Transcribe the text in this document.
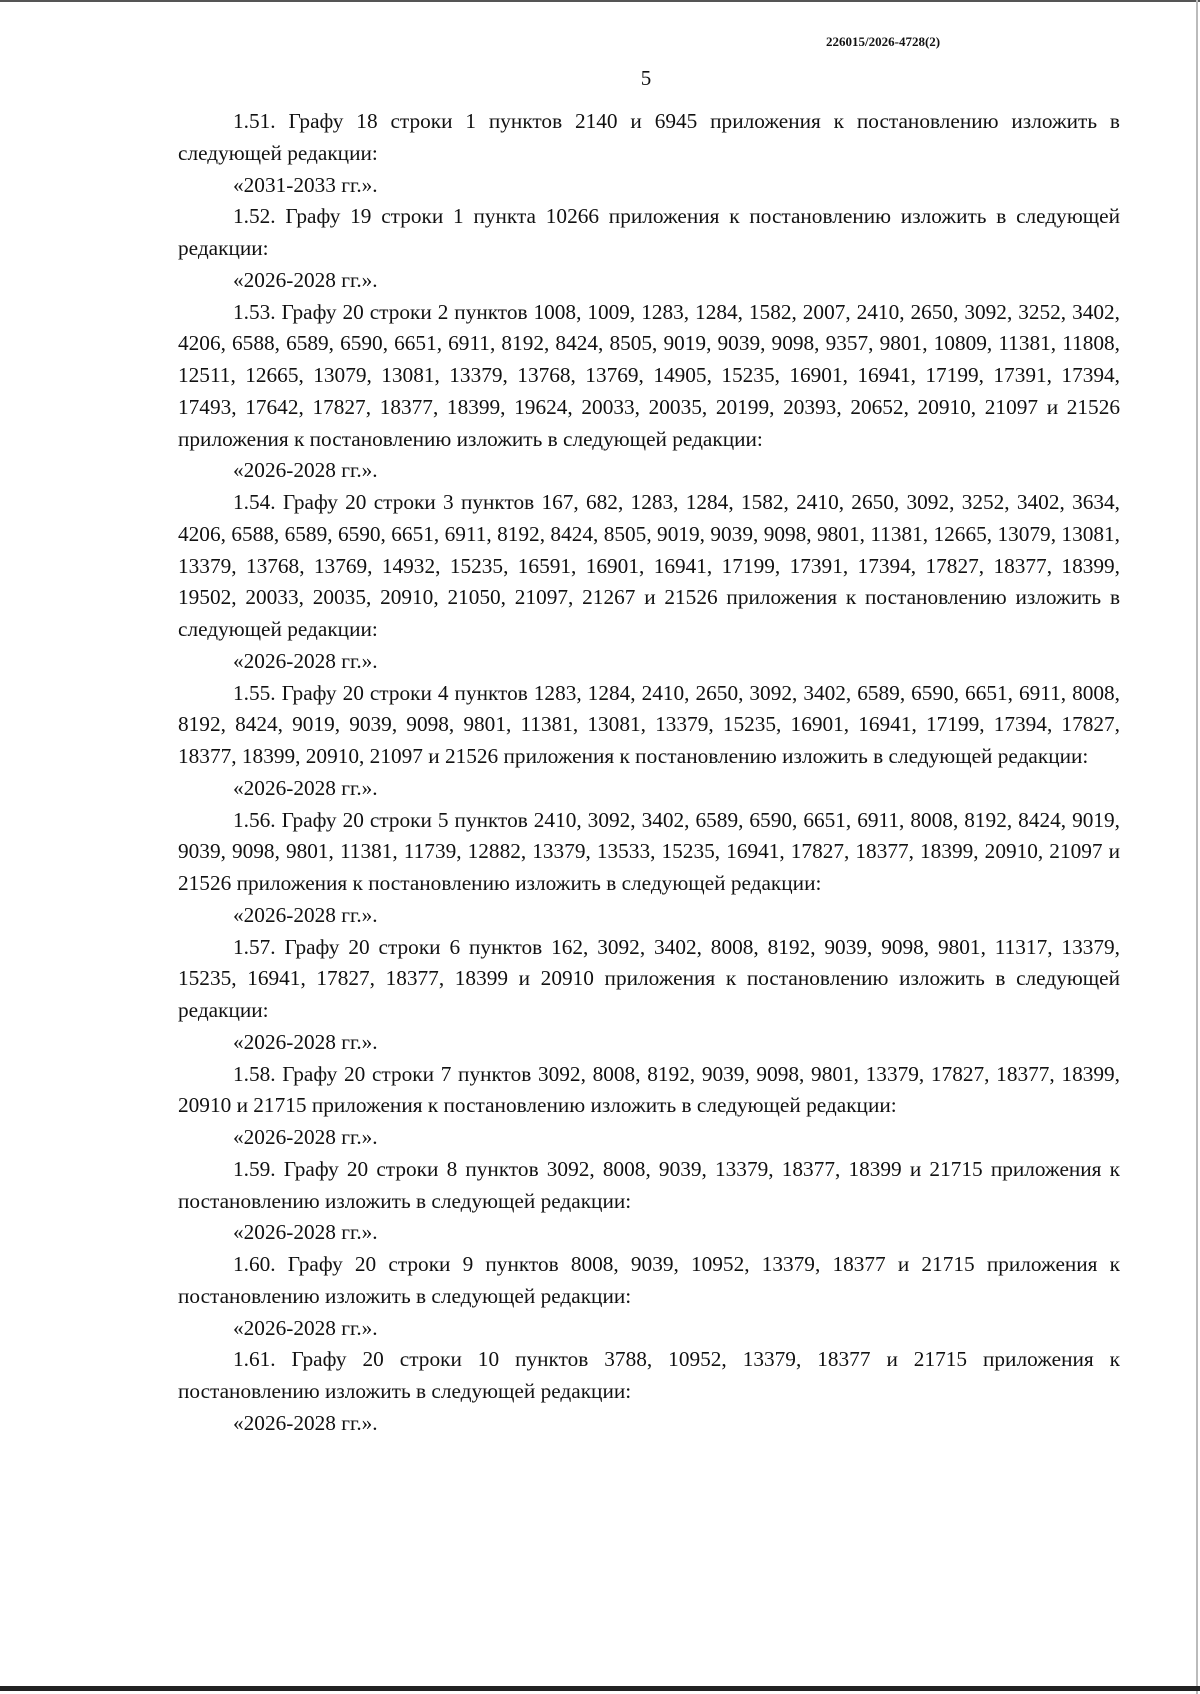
226015/2026-4728(2)
5

1.51. Графу 18 строки 1 пунктов 2140 и 6945 приложения к постановлению изложить в следующей редакции:

«2031-2033 гг.».

1.52. Графу 19 строки 1 пункта 10266 приложения к постановлению изложить в следующей редакции:

«2026-2028 гг.».

1.53. Графу 20 строки 2 пунктов 1008, 1009, 1283, 1284, 1582, 2007, 2410, 2650, 3092, 3252, 3402, 4206, 6588, 6589, 6590, 6651, 6911, 8192, 8424, 8505, 9019, 9039, 9098, 9357, 9801, 10809, 11381, 11808, 12511, 12665, 13079, 13081, 13379, 13768, 13769, 14905, 15235, 16901, 16941, 17199, 17391, 17394, 17493, 17642, 17827, 18377, 18399, 19624, 20033, 20035, 20199, 20393, 20652, 20910, 21097 и 21526 приложения к постановлению изложить в следующей редакции:

«2026-2028 гг.».

1.54. Графу 20 строки 3 пунктов 167, 682, 1283, 1284, 1582, 2410, 2650, 3092, 3252, 3402, 3634, 4206, 6588, 6589, 6590, 6651, 6911, 8192, 8424, 8505, 9019, 9039, 9098, 9801, 11381, 12665, 13079, 13081, 13379, 13768, 13769, 14932, 15235, 16591, 16901, 16941, 17199, 17391, 17394, 17827, 18377, 18399, 19502, 20033, 20035, 20910, 21050, 21097, 21267 и 21526 приложения к постановлению изложить в следующей редакции:

«2026-2028 гг.».

1.55. Графу 20 строки 4 пунктов 1283, 1284, 2410, 2650, 3092, 3402, 6589, 6590, 6651, 6911, 8008, 8192, 8424, 9019, 9039, 9098, 9801, 11381, 13081, 13379, 15235, 16901, 16941, 17199, 17394, 17827, 18377, 18399, 20910, 21097 и 21526 приложения к постановлению изложить в следующей редакции:

«2026-2028 гг.».

1.56. Графу 20 строки 5 пунктов 2410, 3092, 3402, 6589, 6590, 6651, 6911, 8008, 8192, 8424, 9019, 9039, 9098, 9801, 11381, 11739, 12882, 13379, 13533, 15235, 16941, 17827, 18377, 18399, 20910, 21097 и 21526 приложения к постановлению изложить в следующей редакции:

«2026-2028 гг.».

1.57. Графу 20 строки 6 пунктов 162, 3092, 3402, 8008, 8192, 9039, 9098, 9801, 11317, 13379, 15235, 16941, 17827, 18377, 18399 и 20910 приложения к постановлению изложить в следующей редакции:

«2026-2028 гг.».

1.58. Графу 20 строки 7 пунктов 3092, 8008, 8192, 9039, 9098, 9801, 13379, 17827, 18377, 18399, 20910 и 21715 приложения к постановлению изложить в следующей редакции:

«2026-2028 гг.».

1.59. Графу 20 строки 8 пунктов 3092, 8008, 9039, 13379, 18377, 18399 и 21715 приложения к постановлению изложить в следующей редакции:

«2026-2028 гг.».

1.60. Графу 20 строки 9 пунктов 8008, 9039, 10952, 13379, 18377 и 21715 приложения к постановлению изложить в следующей редакции:

«2026-2028 гг.».

1.61. Графу 20 строки 10 пунктов 3788, 10952, 13379, 18377 и 21715 приложения к постановлению изложить в следующей редакции:

«2026-2028 гг.».
